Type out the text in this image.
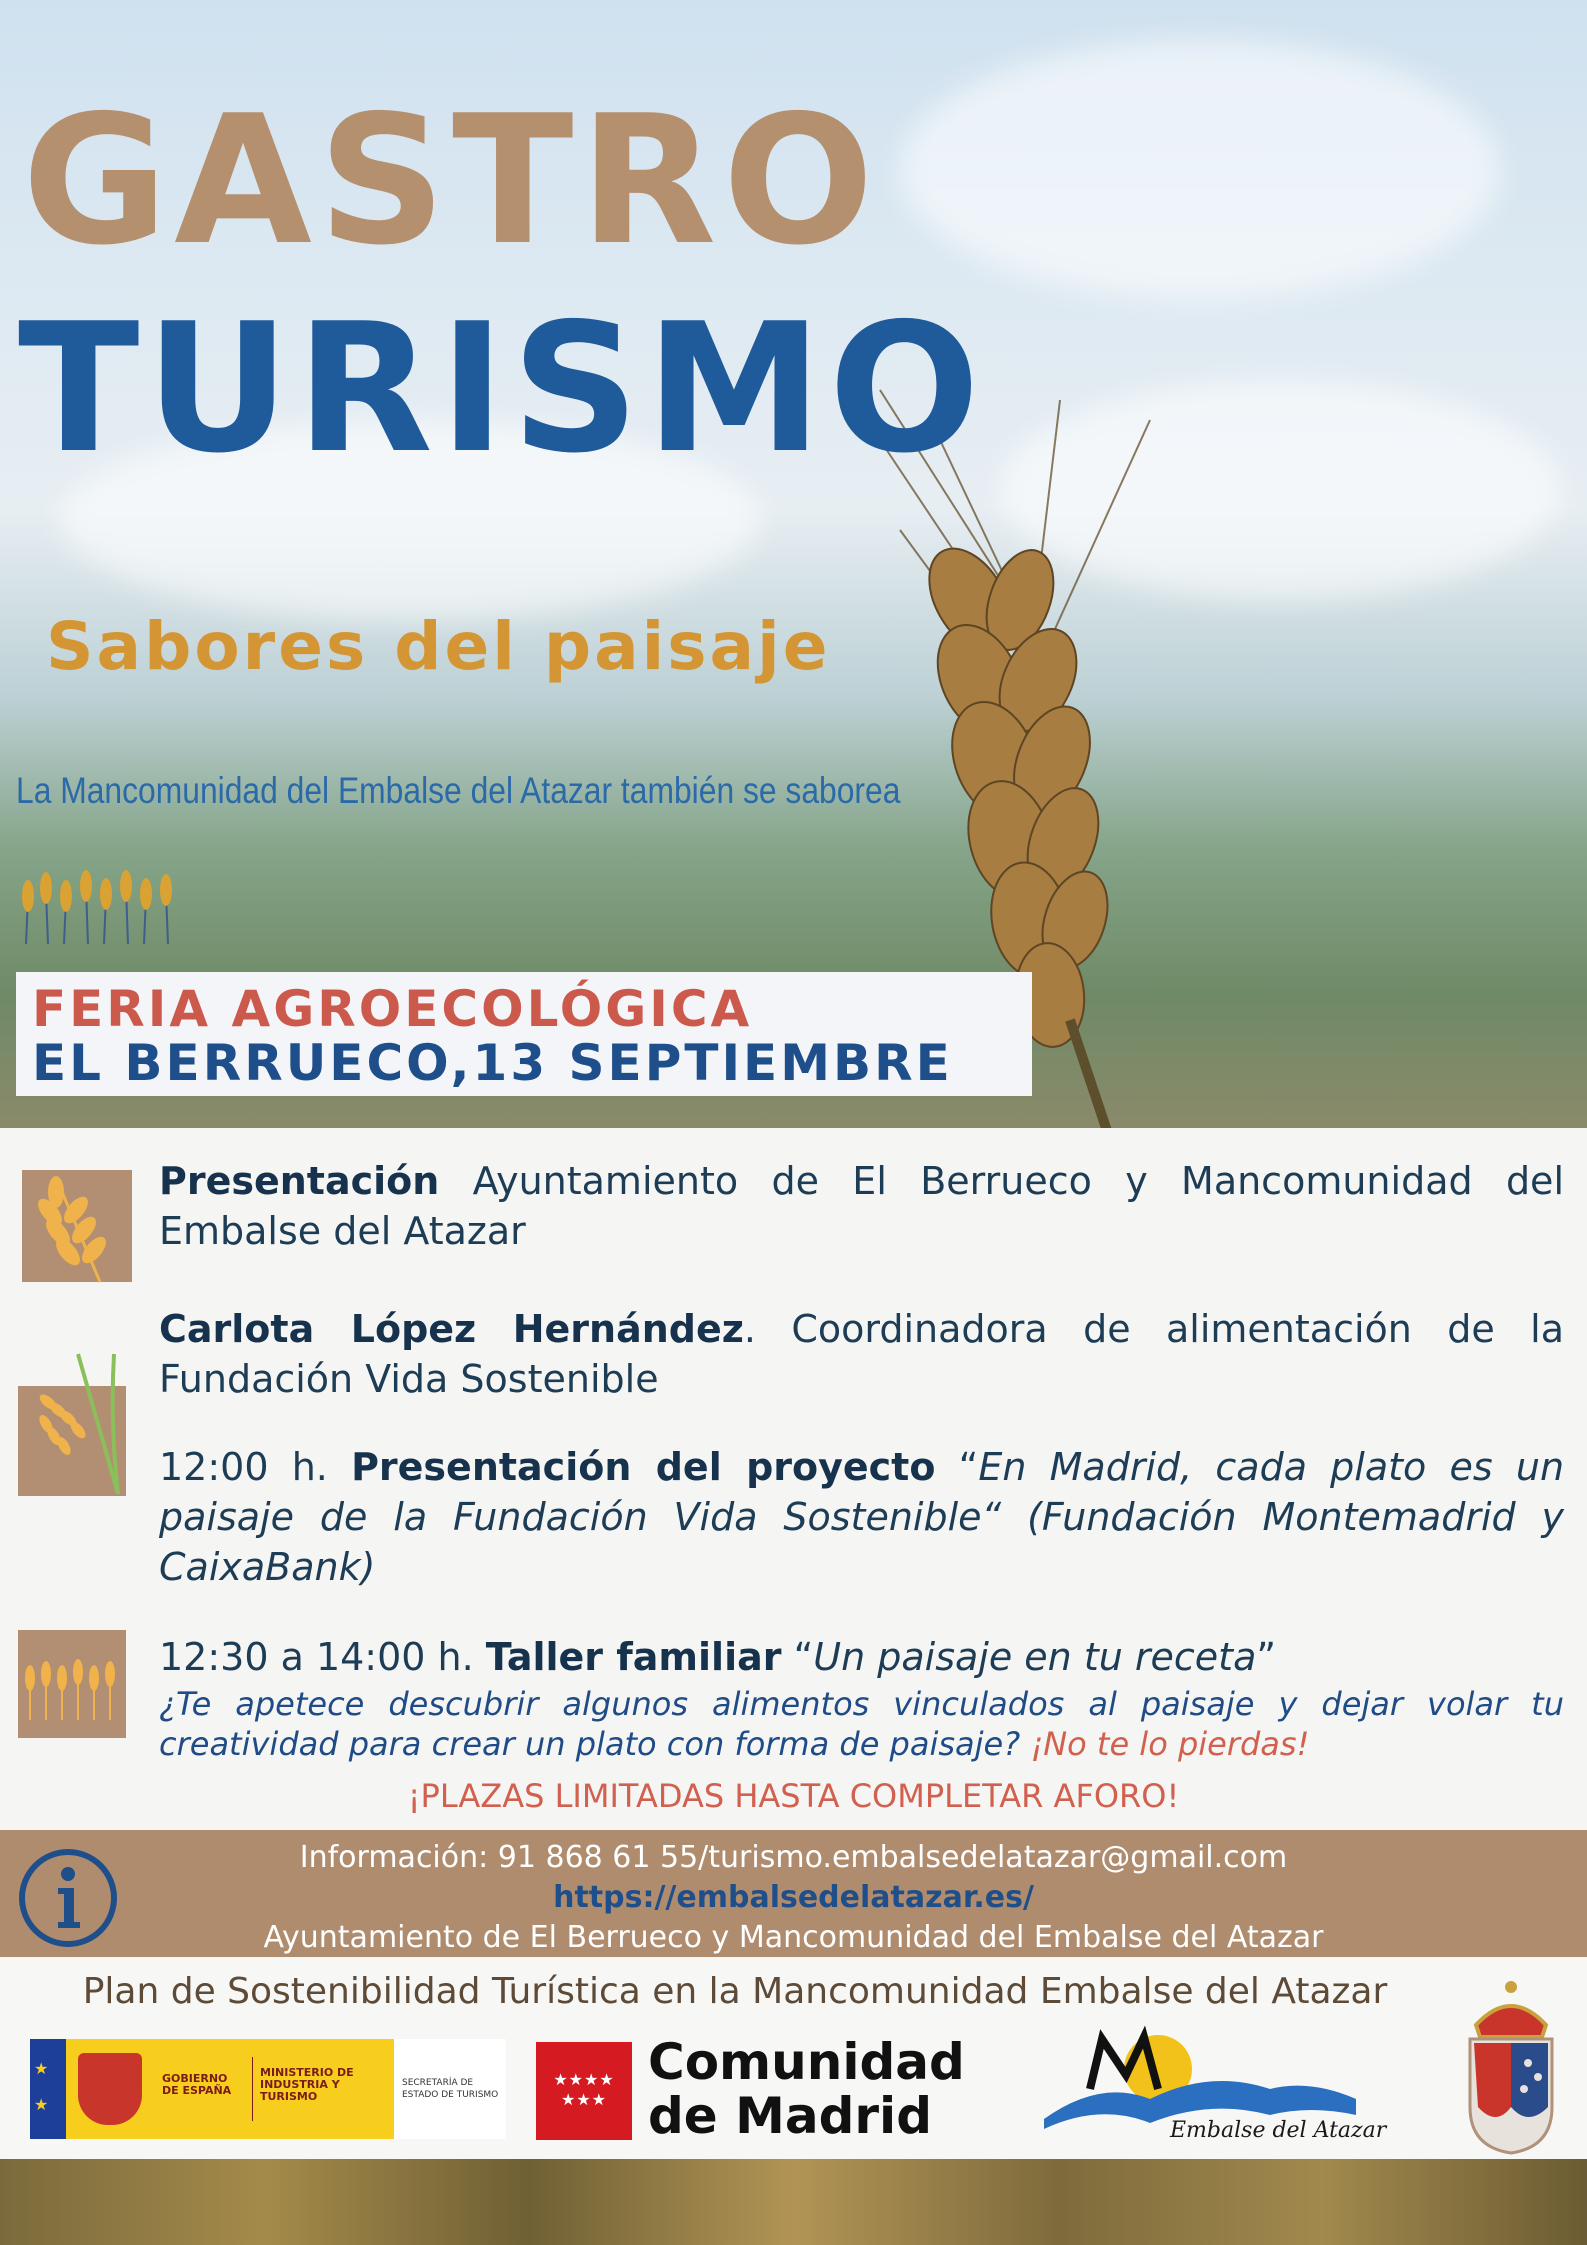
GASTRO
TURISMO
Sabores del paisaje

La Mancomunidad del Embalse del Atazar también se saborea

FERIA AGROECOLÓGICA
EL BERRUECO,13 SEPTIEMBRE

Presentación Ayuntamiento de El Berrueco y Mancomunidad del Embalse del Atazar

Carlota López Hernández. Coordinadora de alimentación de la Fundación Vida Sostenible

12:00 h. Presentación del proyecto “En Madrid, cada plato es un paisaje de la Fundación Vida Sostenible“ (Fundación Montemadrid y CaixaBank)

12:30 a 14:00 h. Taller familiar “Un paisaje en tu receta”

¿Te apetece descubrir algunos alimentos vinculados al paisaje y dejar volar tu creatividad para crear un plato con forma de paisaje? ¡No te lo pierdas!

¡PLAZAS LIMITADAS HASTA COMPLETAR AFORO!
Información: 91 868 61 55/turismo.embalsedelatazar@gmail.com
https://embalsedelatazar.es/
Ayuntamiento de El Berrueco y Mancomunidad del Embalse del Atazar
Plan de Sostenibilidad Turística en la Mancomunidad Embalse del Atazar
★
★
GOBIERNO DE ESPAÑA
MINISTERIO DE INDUSTRIA Y TURISMO
SECRETARÍA DE ESTADO DE TURISMO
★★★★
★★★
Comunidad
de Madrid	Embalse del Atazar
